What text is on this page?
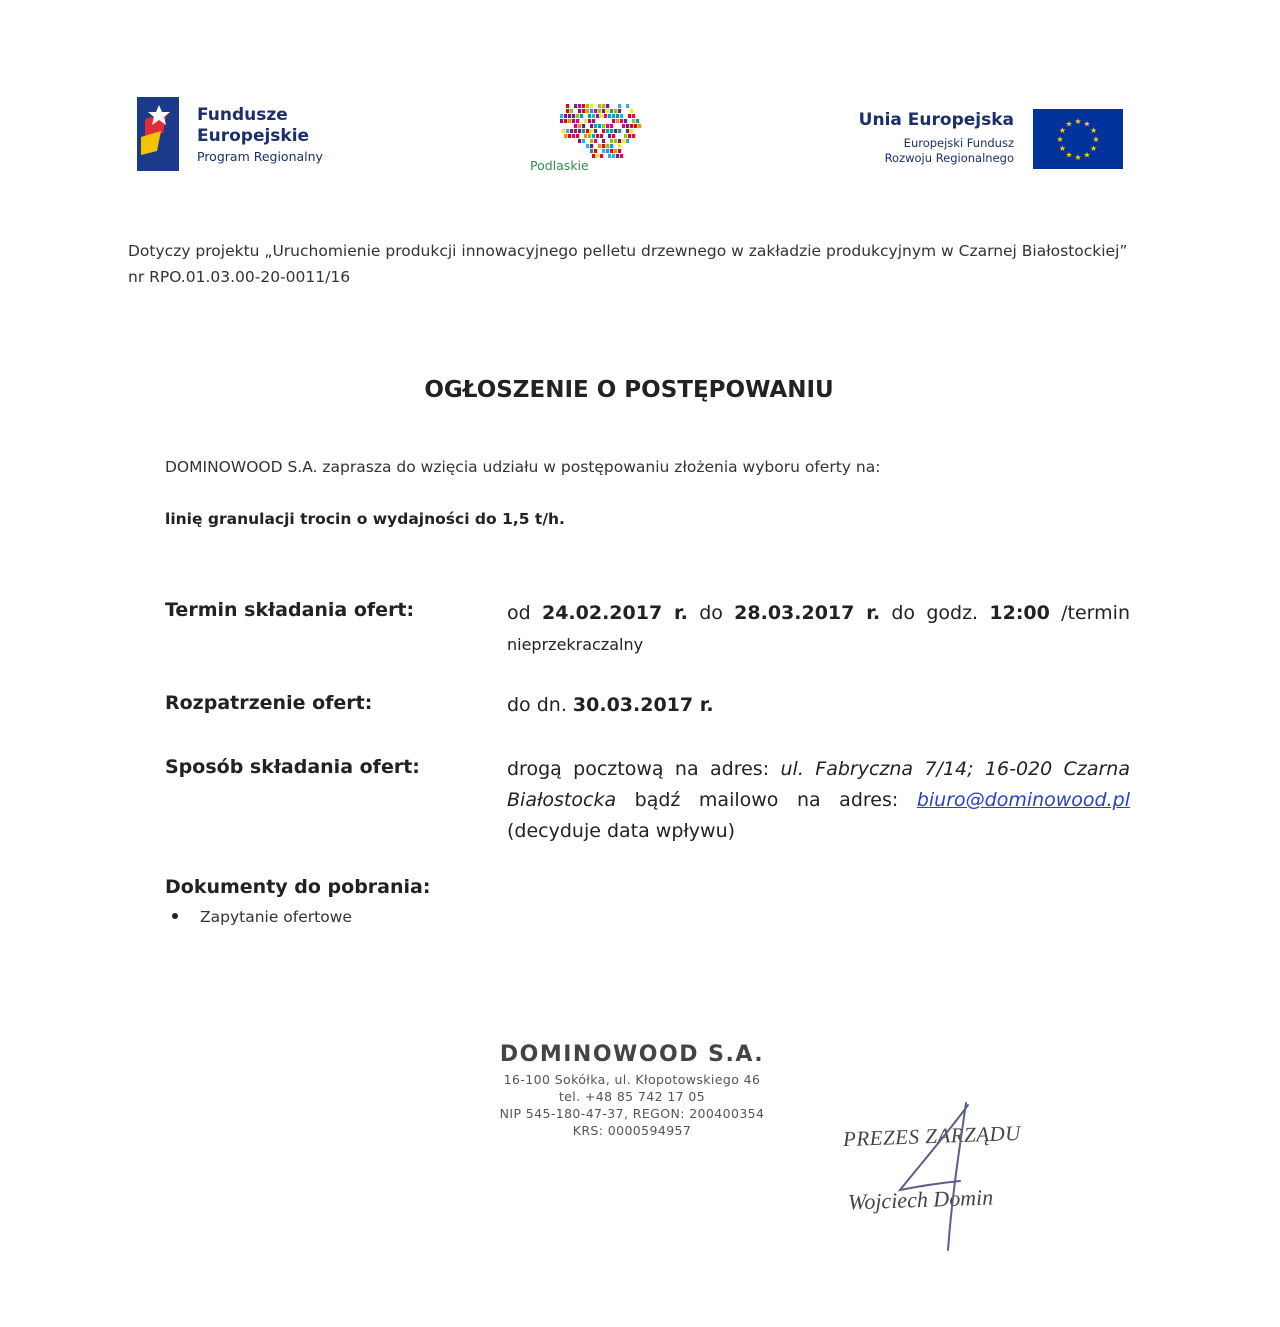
Fundusze
Europejskie
Program Regionalny
Podlaskie
Unia Europejska
Europejski Fundusz
Rozwoju Regionalnego
★ ★
★
★
★
★
★
★
★
★
★
★
Dotyczy projektu „Uruchomienie produkcji innowacyjnego pelletu drzewnego w zakładzie produkcyjnym w Czarnej Białostockiej” nr RPO.01.03.00-20-0011/16
OGŁOSZENIE O POSTĘPOWANIU
DOMINOWOOD S.A. zaprasza do wzięcia udziału w postępowaniu złożenia wyboru oferty na:
linię granulacji trocin o wydajności do 1,5 t/h.
Termin składania ofert:	od 24.02.2017 r. do 28.03.2017 r. do godz. 12:00 /termin
nieprzekraczalny
Rozpatrzenie ofert:	do dn. 30.03.2017 r.
Sposób składania ofert:	drogą pocztową na adres: ul. Fabryczna 7/14; 16-020 Czarna Białostocka bądź mailowo na adres: biuro@dominowood.pl (decyduje data wpływu)
Dokumenty do pobrania:
Zapytanie ofertowe
DOMINOWOOD S.A.
16-100 Sokółka, ul. Kłopotowskiego 46
tel. +48 85 742 17 05
NIP 545-180-47-37, REGON: 200400354
KRS: 0000594957	PREZES ZARZĄDU
Wojciech Domin
